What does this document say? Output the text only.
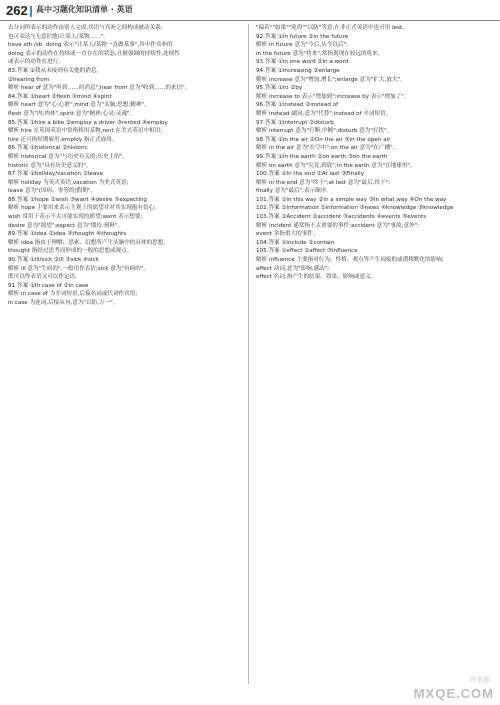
262 高中习题化知识清单 · 英语

去分词所表示的动作由别人完成,宾语与宾补之间构成被动关系;

也可表达"(无意识地)让某人/某物……"。

have sth./sb. doing 表示"让某人/某物一直做某事",其中作宾补的

doing 表示的动作在持续或一直存在的状态,且被强调的持续性,连续性

或表示的动作在进行。

83.答案 ①我从未接到有关他的消息。

②hearing from

解析 hear of 意为"听到……的消息",hear from 意为"收到……的来信"。

84.答案 ①heart ②flesh ③mind ④spirit

解析 heart 意为"心;心脏",mind 意为"头脑;思想;精神",

flesh 意为"肉;肉体",spirit 意为"精神;心灵;灵魂"。

85.答案 ①hire a bike ②employ a driver ③rented ④employ

解析 hire 在英国英语中常指租用某物,rent 在美式英语中租用;

hire 还可指短期雇用,employ 指正式雇用。

86.答案 ①historical ②historic

解析 historical 意为"与历史有关的;历史上的",

historic 意为"具有历史意义的"。

87.答案 ①holiday/vacation ②leave

解析 holiday 为英式英语,vacation 为美式英语;

leave 意为"(因病、事等的)假期"。

88.答案 ①hope ②wish ③want ④desire ⑤expecting

解析 hope 主要用来表示主观上的愿望并对其实现抱有信心;

wish 常用于表示不太可能实现的愿望;want 表示想要;

desire 意为"渴望";expect 意为"期待;预料"。

89.答案 ①idea ②idea ③thought ④thoughts

解析 idea 指由于理解、思索、幻想所产生头脑中的具体的思想,

thought 指经过思考而形成的一般的思想或观点。

90.答案 ①ill/sick ②ill ③sick ④sick

解析 ill 意为"生病的",一般用作表语;sick 意为"有病的",

既可以作表语又可以作定语。

91.答案 ①In case of ②in case

解析 in case of 为介词短语,后接名词或代词作宾语;

in case 为连词,后接从句,意为"以防,万一"。

"偏若""如果""免得""以防"等意;在非正式英语中也可用 lest。

92.答案 ①in future ②in the future

解析 in future 意为"今后,从今以后";

in the future 意为"将来",常指离现在较远的将来。

93.答案 ①in one word ②in a word

94.答案 ①increasing ②enlarge

解析 increase 意为"增加,增长";enlarge 意为"扩大,放大"。

95.答案 ①to ②by

解析 increase to 表示"增加到";increase by 表示"增加了"。

96.答案 ①instead ②instead of

解析 instead 副词,意为"代替";instead of 介词短语。

97.答案 ①interrupt ②disturb

解析 interrupt 意为"打断;中断";disturb 意为"打扰"。

98.答案 ①in the air ②On the air ③in the open air

解析 in the air 意为"在空中";on the air 意为"在广播"。

99.答案 ①in the earth ②on earth ③on the earth

解析 on earth 意为"究竟,到底";in the earth 意为"在地球里"。

100.答案 ①In the end ②At last ③Finally

解析 in the end 意为"终于";at last 意为"最后,终于";

finally 意为"最后",表示顺序。

101.答案 ①in this way ②in a simple way ③In what way ④On the way

102.答案 ①Information ②information ③news ④knowledge ⑤knowledge

103.答案 ①Accident ②accident ③accidents ④events ⑤events

解析 incident 通常指不太重要的事件;accident 意为"事故;意外";

event 多指重大的事件。

104.答案 ①include ②contain

105.答案 ①effect ②affect ③influence

解析 influence 主要指对行为、性格、观点等产生间接的或潜移默化的影响;

affect 动词,意为"影响,感动";

effect 名词,指产生的结果、效果、影响或意义。

答案圈
MXQE.COM
